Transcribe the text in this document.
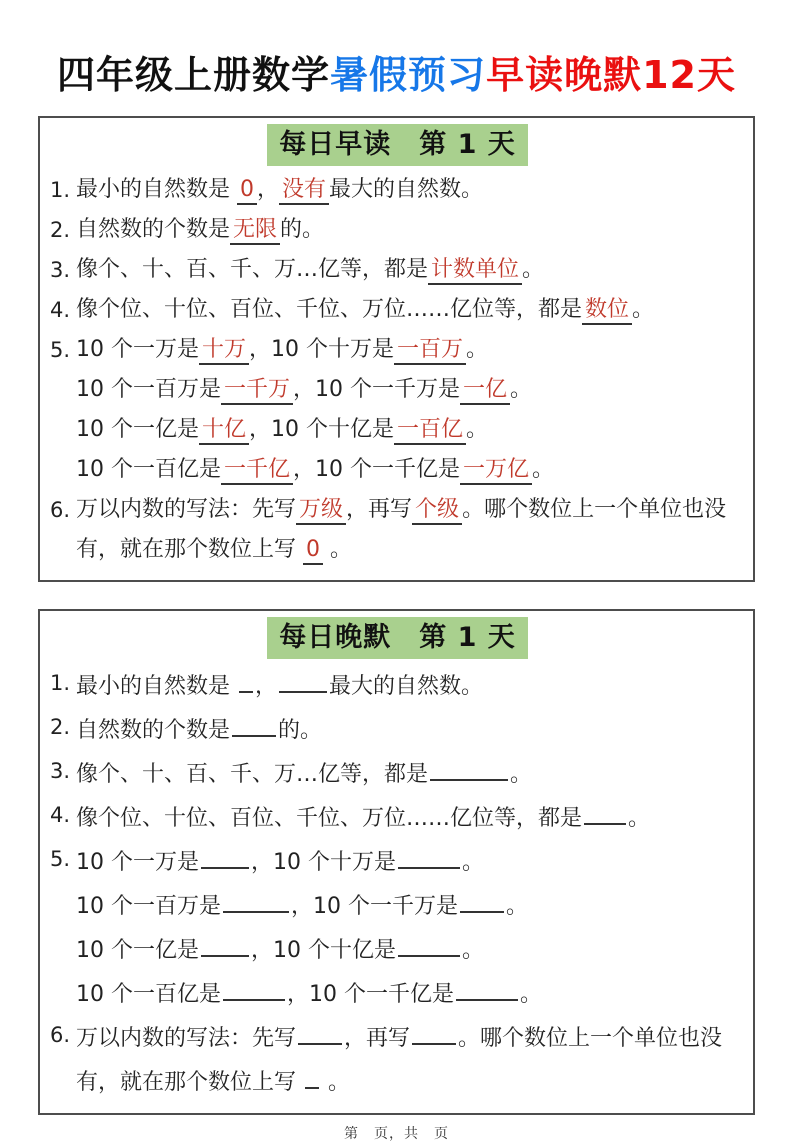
四年级上册数学暑假预习早读晚默12天
每日早读　第 1 天
1. 最小的自然数是 0 ， 没有 最大的自然数。
2. 自然数的个数是 无限 的。
3. 像个、十、百、千、万…亿等，都是 计数单位 。
4. 像个位、十位、百位、千位、万位……亿位等，都是 数位 。
5. 10 个一万是 十万 ，10 个十万是 一百万 。
10 个一百万是 一千万 ，10 个一千万是 一亿 。
10 个一亿是 十亿 ，10 个十亿是 一百亿 。
10 个一百亿是 一千亿 ，10 个一千亿是 一万亿 。
6. 万以内数的写法：先写 万级 ，再写 个级 。哪个数位上一个单位也没有，就在那个数位上写 0 。
每日晚默　第 1 天
1. 最小的自然数是 ， 最大的自然数。
2. 自然数的个数是 的。
3. 像个、十、百、千、万…亿等，都是	。
4. 像个位、十位、百位、千位、万位……亿位等，都是 。
5. 10 个一万是 ，10 个十万是	。
10 个一百万是	，10 个一千万是 。
10 个一亿是 ，10 个十亿是	。
10 个一百亿是	，10 个一千亿是	。
6. 万以内数的写法：先写 ，再写 。哪个数位上一个单位也没有，就在那个数位上写  。
第　页，共　页
